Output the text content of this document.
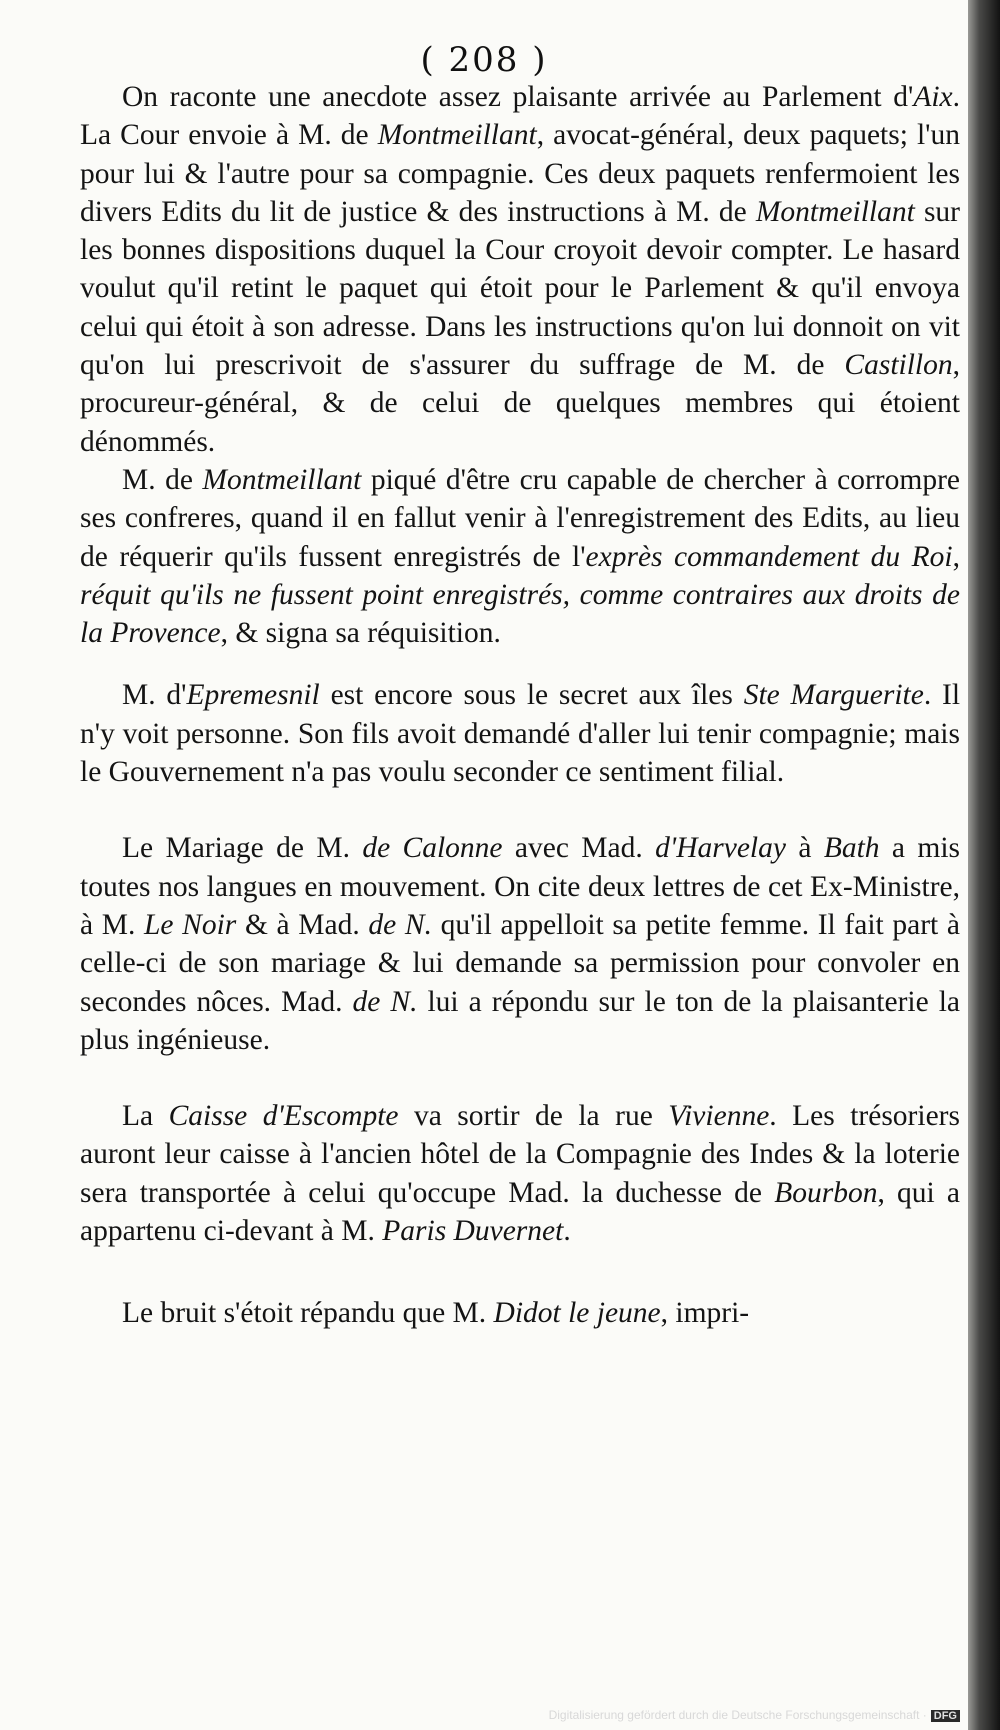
( 208 )

On raconte une anecdote assez plaisante arrivée au Parlement d'Aix. La Cour envoie à M. de Montmeillant, avocat-général, deux paquets; l'un pour lui & l'autre pour sa compagnie. Ces deux paquets renfermoient les divers Edits du lit de justice & des instructions à M. de Montmeillant sur les bonnes dispositions duquel la Cour croyoit devoir compter. Le hasard voulut qu'il retint le paquet qui étoit pour le Parlement & qu'il envoya celui qui étoit à son adresse. Dans les instructions qu'on lui donnoit on vit qu'on lui prescrivoit de s'assurer du suffrage de M. de Castillon, procureur-général, & de celui de quelques membres qui étoient dénommés.

M. de Montmeillant piqué d'être cru capable de chercher à corrompre ses confreres, quand il en fallut venir à l'enregistrement des Edits, au lieu de réquerir qu'ils fussent enregistrés de l'exprès commandement du Roi, réquit qu'ils ne fussent point enregistrés, comme contraires aux droits de la Provence, & signa sa réquisition.

M. d'Epremesnil est encore sous le secret aux îles Ste Marguerite. Il n'y voit personne. Son fils avoit demandé d'aller lui tenir compagnie; mais le Gouvernement n'a pas voulu seconder ce sentiment filial.

Le Mariage de M. de Calonne avec Mad. d'Harvelay à Bath a mis toutes nos langues en mouvement. On cite deux lettres de cet Ex-Ministre, à M. Le Noir & à Mad. de N. qu'il appelloit sa petite femme. Il fait part à celle-ci de son mariage & lui demande sa permission pour convoler en secondes nôces. Mad. de N. lui a répondu sur le ton de la plaisanterie la plus ingénieuse.

La Caisse d'Escompte va sortir de la rue Vivienne. Les trésoriers auront leur caisse à l'ancien hôtel de la Compagnie des Indes & la loterie sera transportée à celui qu'occupe Mad. la duchesse de Bourbon, qui a appartenu ci-devant à M. Paris Duvernet.

Le bruit s'étoit répandu que M. Didot le jeune, impri-

Digitalisierung gefördert durch die Deutsche Forschungsgemeinschaft · DFG
